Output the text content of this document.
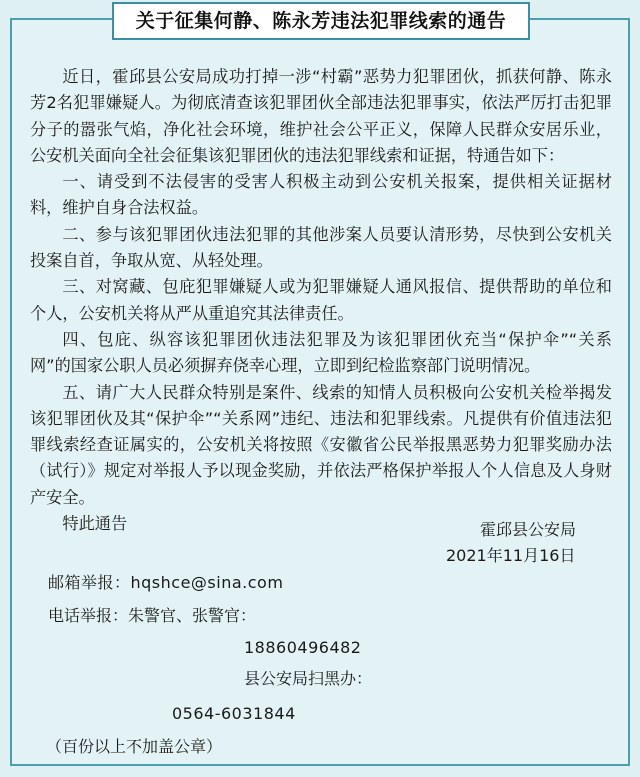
关于征集何静、陈永芳违法犯罪线索的通告

近日，霍邱县公安局成功打掉一涉“村霸”恶势力犯罪团伙，抓获何静、陈永芳2名犯罪嫌疑人。为彻底清查该犯罪团伙全部违法犯罪事实，依法严厉打击犯罪分子的嚣张气焰，净化社会环境，维护社会公平正义，保障人民群众安居乐业，公安机关面向全社会征集该犯罪团伙的违法犯罪线索和证据，特通告如下：

一、请受到不法侵害的受害人积极主动到公安机关报案，提供相关证据材料，维护自身合法权益。

二、参与该犯罪团伙违法犯罪的其他涉案人员要认清形势，尽快到公安机关投案自首，争取从宽、从轻处理。

三、对窝藏、包庇犯罪嫌疑人或为犯罪嫌疑人通风报信、提供帮助的单位和个人，公安机关将从严从重追究其法律责任。

四、包庇、纵容该犯罪团伙违法犯罪及为该犯罪团伙充当“保护伞”“关系网”的国家公职人员必须摒弃侥幸心理，立即到纪检监察部门说明情况。

五、请广大人民群众特别是案件、线索的知情人员积极向公安机关检举揭发该犯罪团伙及其“保护伞”“关系网”违纪、违法和犯罪线索。凡提供有价值违法犯罪线索经查证属实的，公安机关将按照《安徽省公民举报黑恶势力犯罪奖励办法（试行）》规定对举报人予以现金奖励，并依法严格保护举报人个人信息及人身财产安全。

特此通告	霍邱县公安局
2021年11月16日
邮箱举报：hqshce@sina.com
电话举报：朱警官、张警官：
18860496482
县公安局扫黑办：
0564-6031844
（百份以上不加盖公章）
